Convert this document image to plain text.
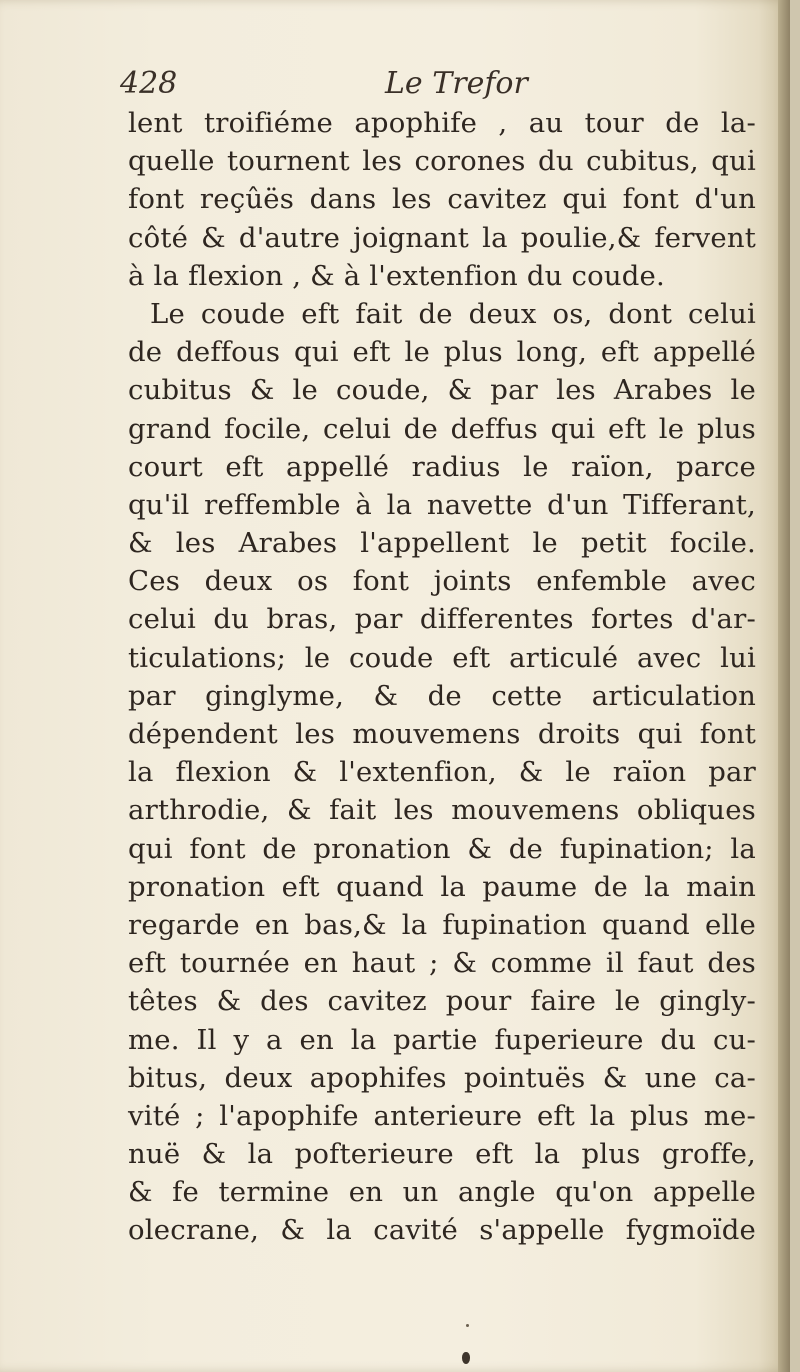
428	Le Trefor
lent troifiéme apophife , au tour de la-
quelle tournent les corones du cubitus, qui
font reçûës dans les cavitez qui font d'un
côté & d'autre joignant la poulie,& fervent
à la flexion , & à l'extenfion du coude.
Le coude eft fait de deux os, dont celui
de deffous qui eft le plus long, eft appellé
cubitus & le coude, & par les Arabes le
grand focile, celui de deffus qui eft le plus
court eft appellé radius le raïon, parce
qu'il reffemble à la navette d'un Tifferant,
& les Arabes l'appellent le petit focile.
Ces deux os font joints enfemble avec
celui du bras, par differentes fortes d'ar-
ticulations; le coude eft articulé avec lui
par ginglyme, & de cette articulation
dépendent les mouvemens droits qui font
la flexion & l'extenfion, & le raïon par
arthrodie, & fait les mouvemens obliques
qui font de pronation & de fupination; la
pronation eft quand la paume de la main
regarde en bas,& la fupination quand elle
eft tournée en haut ; & comme il faut des
têtes & des cavitez pour faire le gingly-
me. Il y a en la partie fuperieure du cu-
bitus, deux apophifes pointuës & une ca-
vité ; l'apophife anterieure eft la plus me-
nuë & la pofterieure eft la plus groffe,
& fe termine en un angle qu'on appelle
olecrane, & la cavité s'appelle fygmoïde
